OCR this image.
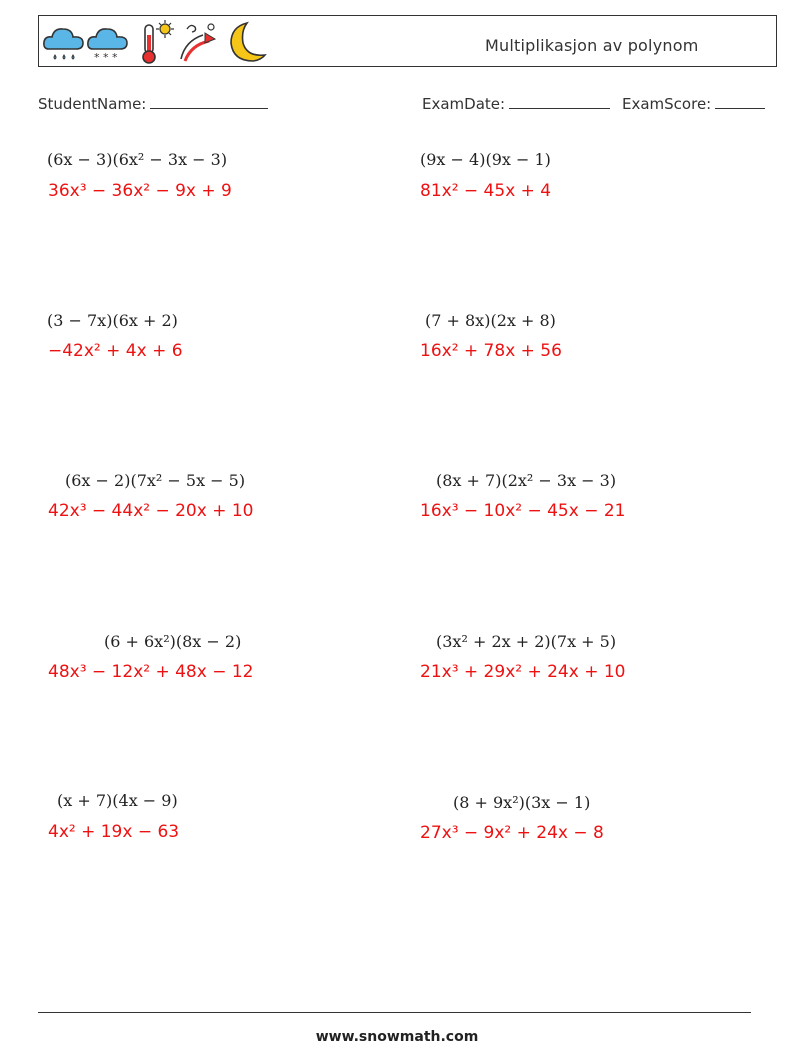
* * *
Multiplikasjon av polynom
StudentName:	ExamDate:	ExamScore:
(6x − 3)(6x² − 3x − 3)
36x³ − 36x² − 9x + 9
(9x − 4)(9x − 1)
81x² − 45x + 4
(3 − 7x)(6x + 2)
−42x² + 4x + 6
(7 + 8x)(2x + 8)
16x² + 78x + 56
(6x − 2)(7x² − 5x − 5)
42x³ − 44x² − 20x + 10
(8x + 7)(2x² − 3x − 3)
16x³ − 10x² − 45x − 21
(6 + 6x²)(8x − 2)
48x³ − 12x² + 48x − 12
(3x² + 2x + 2)(7x + 5)
21x³ + 29x² + 24x + 10
(x + 7)(4x − 9)
4x² + 19x − 63
(8 + 9x²)(3x − 1)
27x³ − 9x² + 24x − 8
www.snowmath.com
